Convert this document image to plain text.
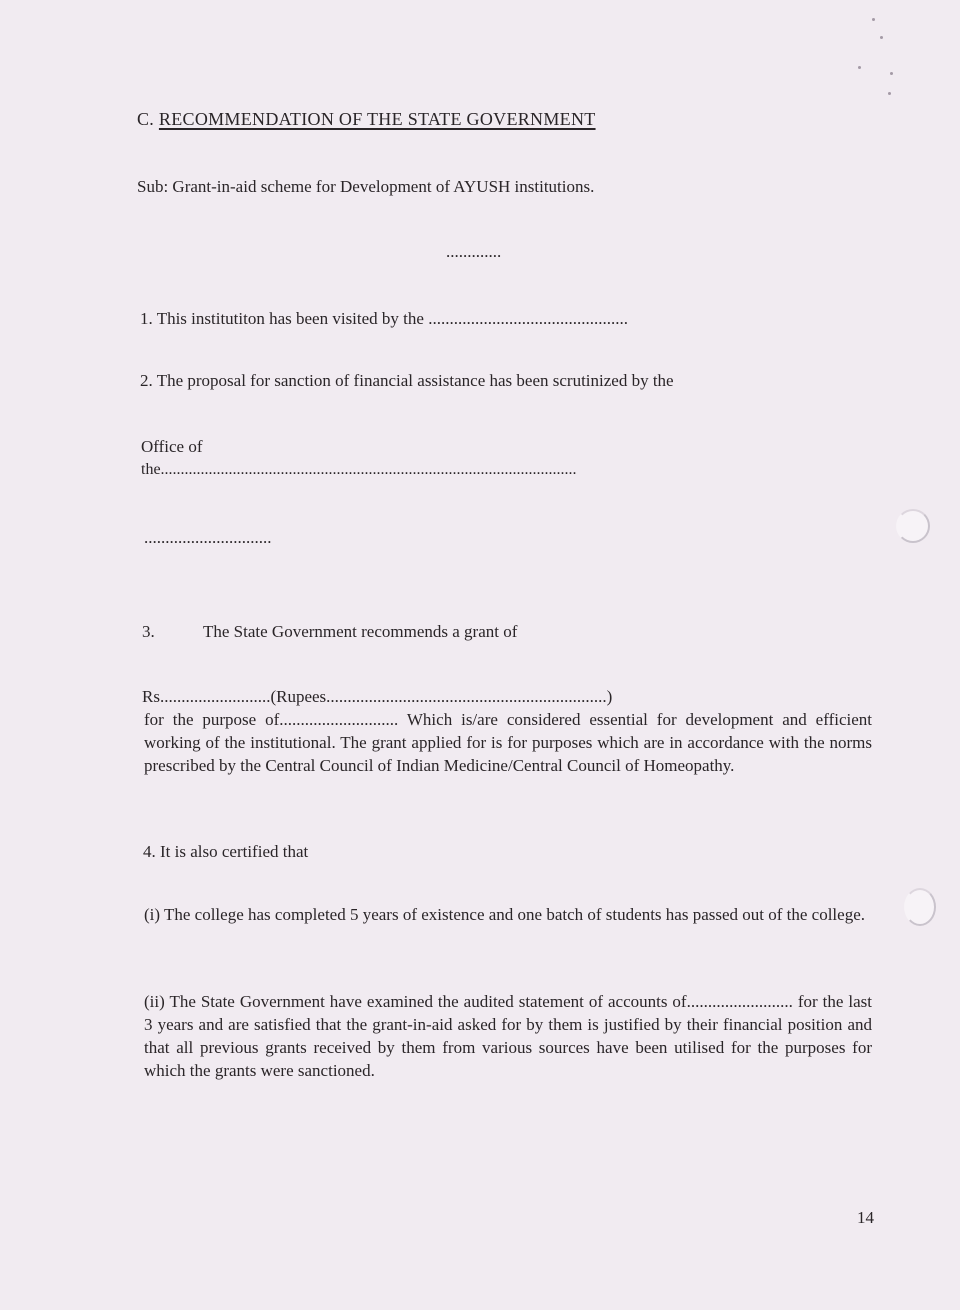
C. RECOMMENDATION OF THE STATE GOVERNMENT
Sub: Grant-in-aid scheme for Development of AYUSH institutions.
.............
1. This institutiton has been visited by the ...............................................
2. The proposal for sanction of financial assistance has been scrutinized by the
Office of
the........................................................................................................
..............................
3.	The State Government recommends a grant of
Rs..........................(Rupees..................................................................)
for the purpose of............................ Which is/are considered essential for development and efficient working of the institutional. The grant applied for is for purposes which are in accordance with the norms prescribed by the Central Council of Indian Medicine/Central Council of Homeopathy.
4. It is also certified that
(i) The college has completed 5 years of existence and one batch of students has passed out of the college.
(ii) The State Government have examined the audited statement of accounts of......................... for the last 3 years and are satisfied that the grant-in-aid asked for by them is justified by their financial position and that all previous grants received by them from various sources have been utilised for the purposes for which the grants were sanctioned.
14
